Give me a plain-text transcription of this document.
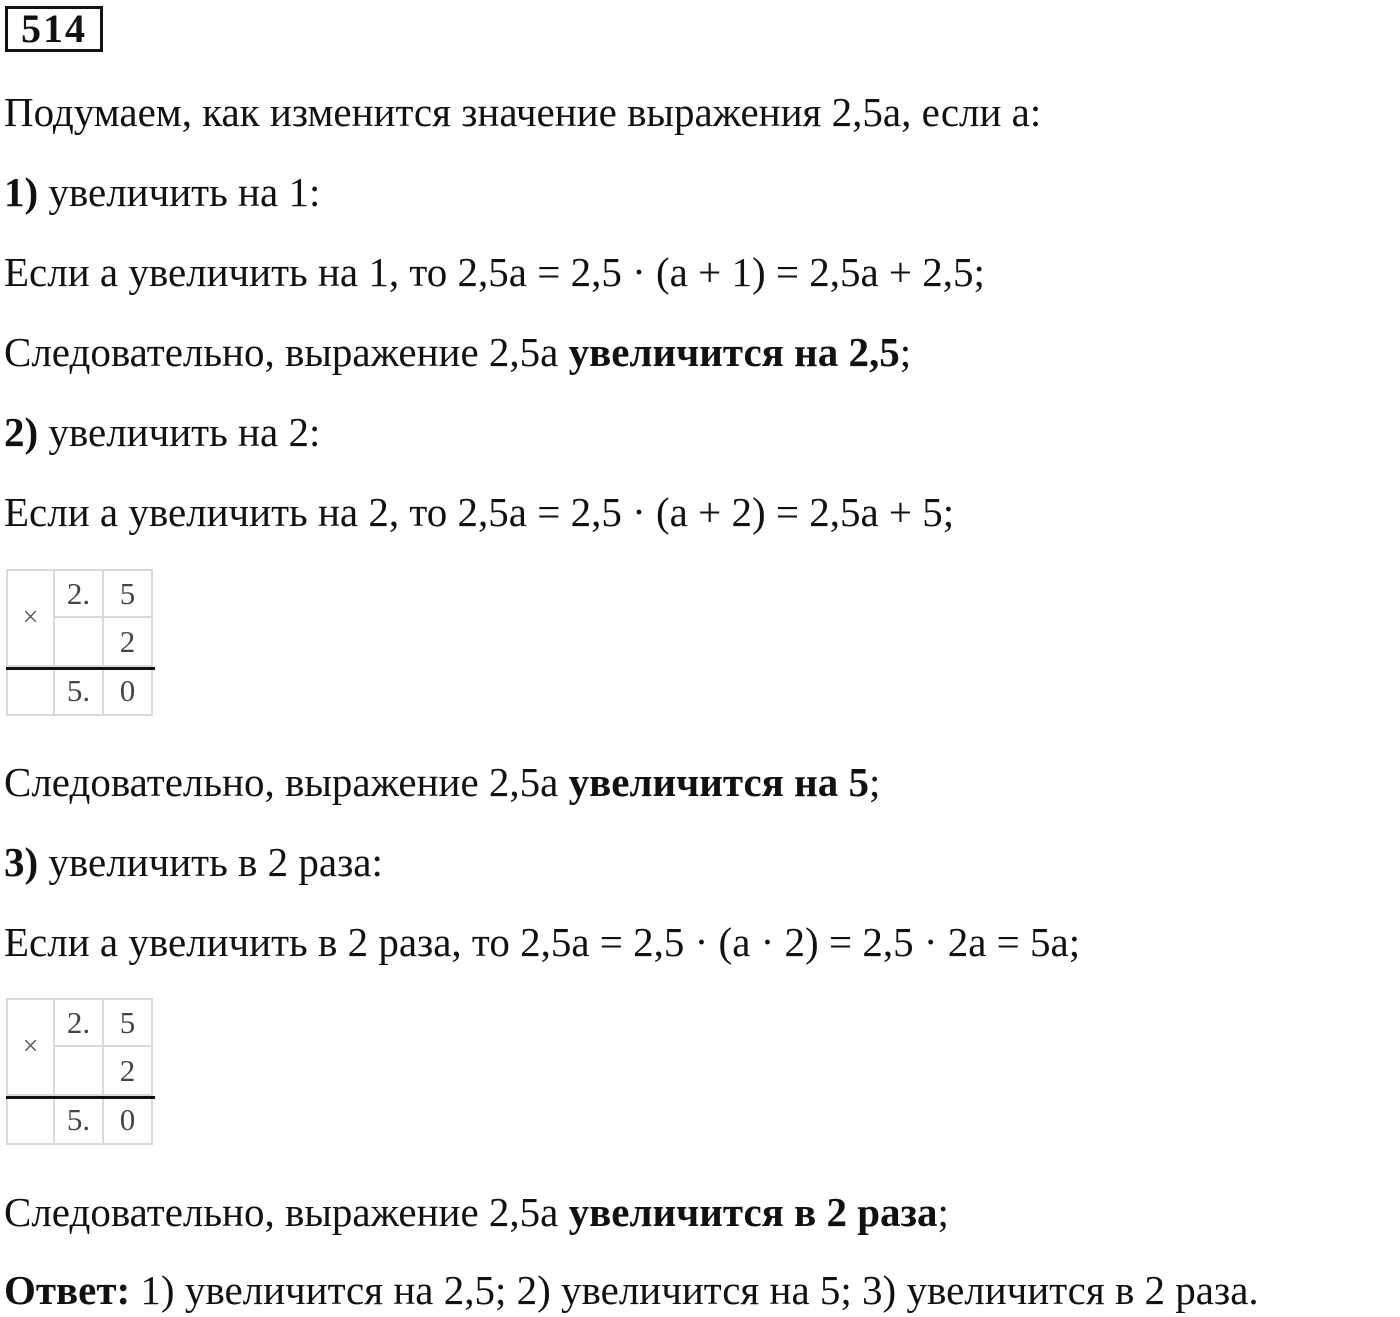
514

Подумаем, как изменится значение выражения 2,5a, если a:

1) увеличить на 1:

Если a увеличить на 1, то 2,5a = 2,5 · (a + 1) = 2,5a + 2,5;

Следовательно, выражение 2,5a увеличится на 2,5;

2) увеличить на 2:

Если a увеличить на 2, то 2,5a = 2,5 · (a + 2) = 2,5a + 5;

×
2. 5
2
5. 0

Следовательно, выражение 2,5a увеличится на 5;

3) увеличить в 2 раза:

Если a увеличить в 2 раза, то 2,5a = 2,5 · (a · 2) = 2,5 · 2a = 5a;

×
2. 5
2
5. 0

Следовательно, выражение 2,5a увеличится в 2 раза;

Ответ: 1) увеличится на 2,5; 2) увеличится на 5; 3) увеличится в 2 раза.
